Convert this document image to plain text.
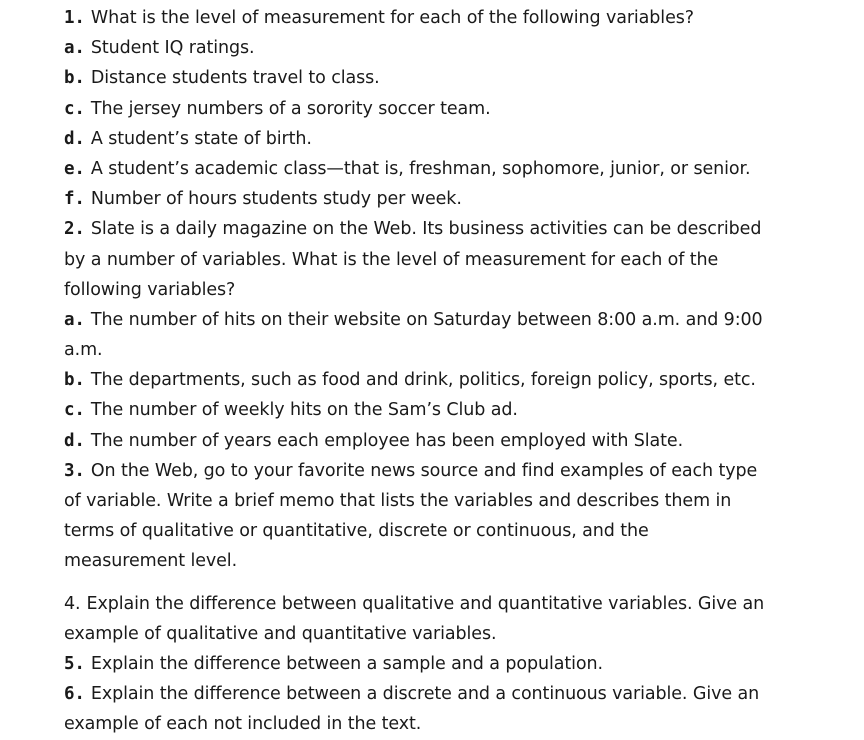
1. What is the level of measurement for each of the following variables?
a. Student IQ ratings.
b. Distance students travel to class.
c. The jersey numbers of a sorority soccer team.
d. A student’s state of birth.
e. A student’s academic class—that is, freshman, sophomore, junior, or senior.
f. Number of hours students study per week.
2. Slate is a daily magazine on the Web. Its business activities can be described
by a number of variables. What is the level of measurement for each of the
following variables?
a. The number of hits on their website on Saturday between 8:00 a.m. and 9:00
a.m.
b. The departments, such as food and drink, politics, foreign policy, sports, etc.
c. The number of weekly hits on the Sam’s Club ad.
d. The number of years each employee has been employed with Slate.
3. On the Web, go to your favorite news source and find examples of each type
of variable. Write a brief memo that lists the variables and describes them in
terms of qualitative or quantitative, discrete or continuous, and the
measurement level.
4. Explain the difference between qualitative and quantitative variables. Give an
example of qualitative and quantitative variables.
5. Explain the difference between a sample and a population.
6. Explain the difference between a discrete and a continuous variable. Give an
example of each not included in the text.
